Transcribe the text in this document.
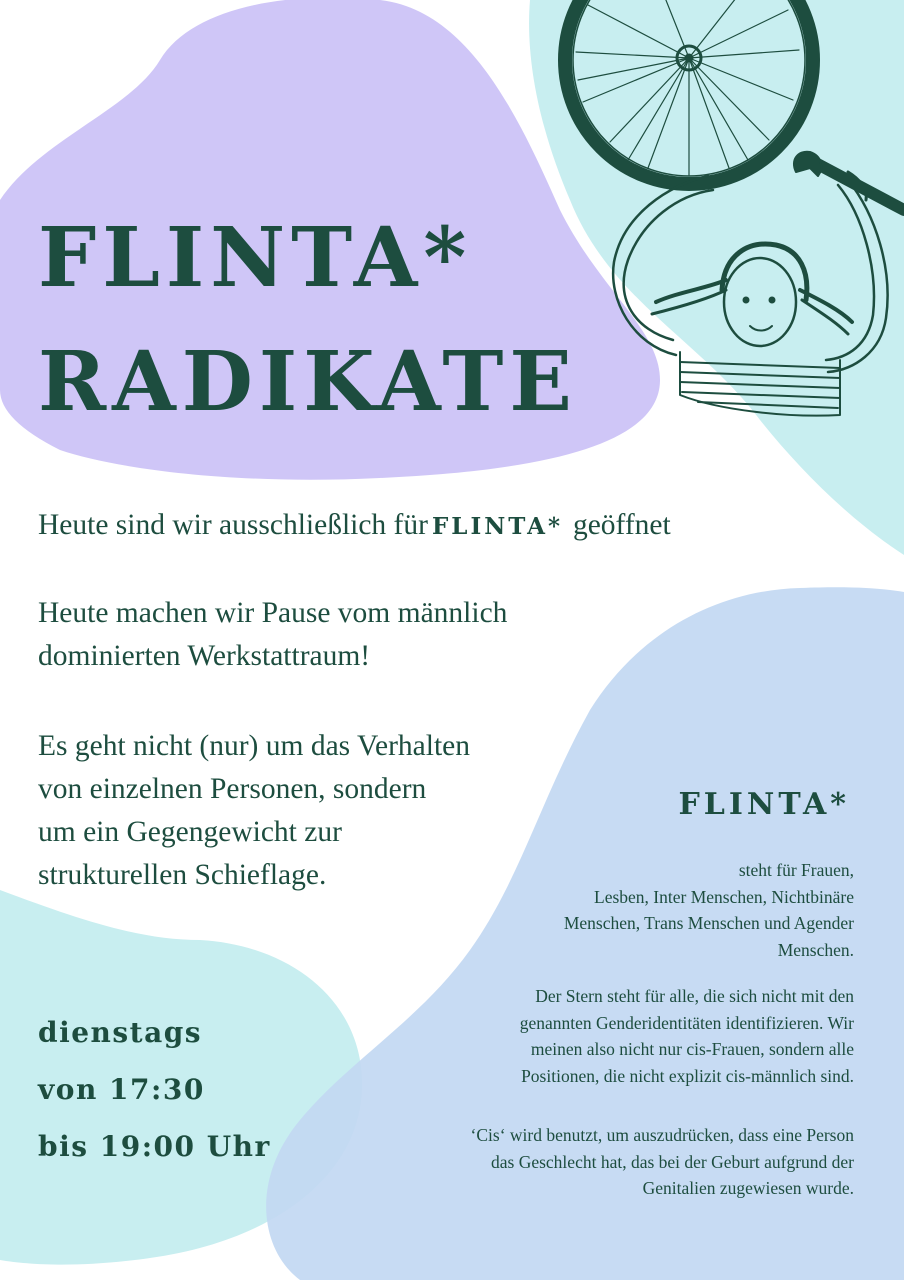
FLINTA*
RADIKATE

Heute sind wir ausschließlich für FLINTA* geöffnet

Heute machen wir Pause vom männlich
dominierten Werkstattraum!

Es geht nicht (nur) um das Verhalten
von einzelnen Personen, sondern
um ein Gegengewicht zur
strukturellen Schieflage.

dienstags
von 17:30
bis 19:00 Uhr

FLINTA*

steht für Frauen,
Lesben, Inter Menschen, Nichtbinäre
Menschen, Trans Menschen und Agender
Menschen.

Der Stern steht für alle, die sich nicht mit den
genannten Genderidentitäten identifizieren. Wir
meinen also nicht nur cis-Frauen, sondern alle
Positionen, die nicht explizit cis-männlich sind.

‘Cis‘ wird benutzt, um auszudrücken, dass eine Person
das Geschlecht hat, das bei der Geburt aufgrund der
Genitalien zugewiesen wurde.
